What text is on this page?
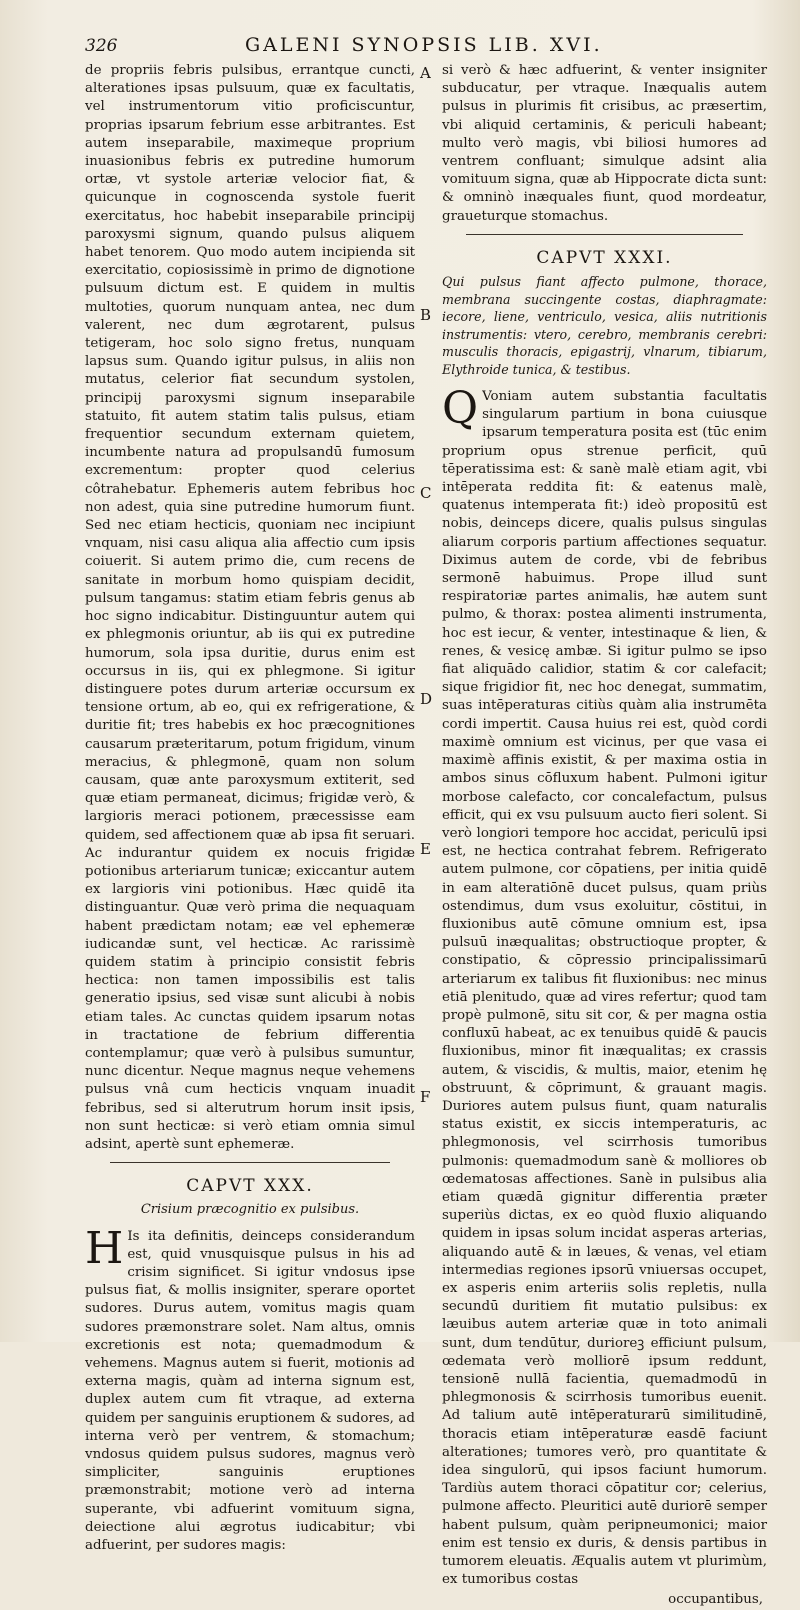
326	GALENI SYNOPSIS LIB. XVI.
A
B
C
D
E
F

de propriis febris pulsibus, errantque cuncti, alterationes ipsas pulsuum, quæ ex facultatis, vel instrumentorum vitio proficiscuntur, proprias ipsarum febrium esse arbitrantes. Est autem inseparabile, maximeque proprium inuasionibus febris ex putredine humorum ortæ, vt systole arteriæ velocior fiat, & quicunque in cognoscenda systole fuerit exercitatus, hoc habebit inseparabile principij paroxysmi signum, quando pulsus aliquem habet tenorem. Quo modo autem incipienda sit exercitatio, copiosissimè in primo de dignotione pulsuum dictum est. E quidem in multis multoties, quorum nunquam antea, nec dum valerent, nec dum ægrotarent, pulsus tetigeram, hoc solo signo fretus, nunquam lapsus sum. Quando igitur pulsus, in aliis non mutatus, celerior fiat secundum systolen, principij paroxysmi signum inseparabile statuito, fit autem statim talis pulsus, etiam frequentior secundum externam quietem, incumbente natura ad propulsandū fumosum excrementum: propter quod celerius côtrahebatur. Ephemeris autem febribus hoc non adest, quia sine putredine humorum fiunt. Sed nec etiam hecticis, quoniam nec incipiunt vnquam, nisi casu aliqua alia affectio cum ipsis coiuerit. Si autem primo die, cum recens de sanitate in morbum homo quispiam decidit, pulsum tangamus: statim etiam febris genus ab hoc signo indicabitur. Distinguuntur autem qui ex phlegmonis oriuntur, ab iis qui ex putredine humorum, sola ipsa duritie, durus enim est occursus in iis, qui ex phlegmone. Si igitur distinguere potes durum arteriæ occursum ex tensione ortum, ab eo, qui ex refrigeratione, & duritie fit; tres habebis ex hoc præcognitiones causarum præteritarum, potum frigidum, vinum meracius, & phlegmonē, quam non solum causam, quæ ante paroxysmum extiterit, sed quæ etiam permaneat, dicimus; frigidæ verò, & largioris meraci potionem, præcessisse eam quidem, sed affectionem quæ ab ipsa fit seruari. Ac indurantur quidem ex nocuis frigidæ potionibus arteriarum tunicæ; exiccantur autem ex largioris vini potionibus. Hæc quidē ita distinguantur. Quæ verò prima die nequaquam habent prædictam notam; eæ vel ephemeræ iudicandæ sunt, vel hecticæ. Ac rarissimè quidem statim à principio consistit febris hectica: non tamen impossibilis est talis generatio ipsius, sed visæ sunt alicubi à nobis etiam tales. Ac cunctas quidem ipsarum notas in tractatione de febrium differentia contemplamur; quæ verò à pulsibus sumuntur, nunc dicentur. Neque magnus neque vehemens pulsus vnâ cum hecticis vnquam inuadit febribus, sed si alterutrum horum insit ipsis, non sunt hecticæ: si verò etiam omnia simul adsint, apertè sunt ephemeræ.

CAPVT XXX.
Crisium præcognitio ex pulsibus.

H Is ita definitis, deinceps considerandum est, quid vnusquisque pulsus in his ad crisim significet. Si igitur vndosus ipse pulsus fiat, & mollis insigniter, sperare oportet sudores. Durus autem, vomitus magis quam sudores præmonstrare solet. Nam altus, omnis excretionis est nota; quemadmodum & vehemens. Magnus autem si fuerit, motionis ad externa magis, quàm ad interna signum est, duplex autem cum fit vtraque, ad externa quidem per sanguinis eruptionem & sudores, ad interna verò per ventrem, & stomachum; vndosus quidem pulsus sudores, magnus verò simpliciter, sanguinis eruptiones præmonstrabit; motione verò ad interna superante, vbi adfuerint vomituum signa, deiectione alui ægrotus iudicabitur; vbi adfuerint, per sudores magis:

si verò & hæc adfuerint, & venter insigniter subducatur, per vtraque. Inæqualis autem pulsus in plurimis fit crisibus, ac præsertim, vbi aliquid certaminis, & periculi habeant; multo verò magis, vbi biliosi humores ad ventrem confluant; simulque adsint alia vomituum signa, quæ ab Hippocrate dicta sunt: & omninò inæquales fiunt, quod mordeatur, graueturque stomachus.

CAPVT XXXI.

Qui pulsus fiant affecto pulmone, thorace, membrana succingente costas, diaphragmate: iecore, liene, ventriculo, vesica, aliis nutritionis instrumentis: vtero, cerebro, membranis cerebri: musculis thoracis, epigastrij, vlnarum, tibiarum, Elythroide tunica, & testibus.

Q Voniam autem substantia facultatis singularum partium in bona cuiusque ipsarum temperatura posita est (tūc enim proprium opus strenue perficit, quū tēperatissima est: & sanè malè etiam agit, vbi intēperata reddita fit: & eatenus malè, quatenus intemperata fit:) ideò propositū est nobis, deinceps dicere, qualis pulsus singulas aliarum corporis partium affectiones sequatur. Diximus autem de corde, vbi de febribus sermonē habuimus. Prope illud sunt respiratoriæ partes animalis, hæ autem sunt pulmo, & thorax: postea alimenti instrumenta, hoc est iecur, & venter, intestinaque & lien, & renes, & vesicę ambæ. Si igitur pulmo se ipso fiat aliquādo calidior, statim & cor calefacit; sique frigidior fit, nec hoc denegat, summatim, suas intēperaturas citiùs quàm alia instrumēta cordi impertit. Causa huius rei est, quòd cordi maximè omnium est vicinus, per que vasa ei maximè affinis existit, & per maxima ostia in ambos sinus cōfluxum habent. Pulmoni igitur morbose calefacto, cor concalefactum, pulsus efficit, qui ex vsu pulsuum aucto fieri solent. Si verò longiori tempore hoc accidat, periculū ipsi est, ne hectica contrahat febrem. Refrigerato autem pulmone, cor cōpatiens, per initia quidē in eam alteratiōnē ducet pulsus, quam priùs ostendimus, dum vsus exoluitur, cōstitui, in fluxionibus autē cōmune omnium est, ipsa pulsuū inæqualitas; obstructioque propter, & constipatio, & cōpressio principalissimarū arteriarum ex talibus fit fluxionibus: nec minus etiā plenitudo, quæ ad vires refertur; quod tam propè pulmonē, situ sit cor, & per magna ostia confluxū habeat, ac ex tenuibus quidē & paucis fluxionibus, minor fit inæqualitas; ex crassis autem, & viscidis, & multis, maior, etenim hę obstruunt, & cōprimunt, & grauant magis. Duriores autem pulsus fiunt, quam naturalis status existit, ex siccis intemperaturis, ac phlegmonosis, vel scirrhosis tumoribus pulmonis: quemadmodum sanè & molliores ob œdematosas affectiones. Sanè in pulsibus alia etiam quædā gignitur differentia præter superiùs dictas, ex eo quòd fluxio aliquando quidem in ipsas solum incidat asperas arterias, aliquando autē & in læues, & venas, vel etiam intermedias regiones ipsorū vniuersas occupet, ex asperis enim arteriis solis repletis, nulla secundū duritiem fit mutatio pulsibus: ex læuibus autem arteriæ quæ in toto animali sunt, dum tendūtur, durioreꝫ efficiunt pulsum, œdemata verò molliorē ipsum reddunt, tensionē nullā facientia, quemadmodū in phlegmonosis & scirrhosis tumoribus euenit. Ad talium autē intēperaturarū similitudinē, thoracis etiam intēperaturæ easdē faciunt alterationes; tumores verò, pro quantitate & idea singulorū, qui ipsos faciunt humorum. Tardiùs autem thoraci cōpatitur cor; celerius, pulmone affecto. Pleuritici autē duriorē semper habent pulsum, quàm peripneumonici; maior enim est tensio ex duris, & densis partibus in tumorem eleuatis. Æqualis autem vt plurimùm, ex tumoribus costas

occupantibus,
